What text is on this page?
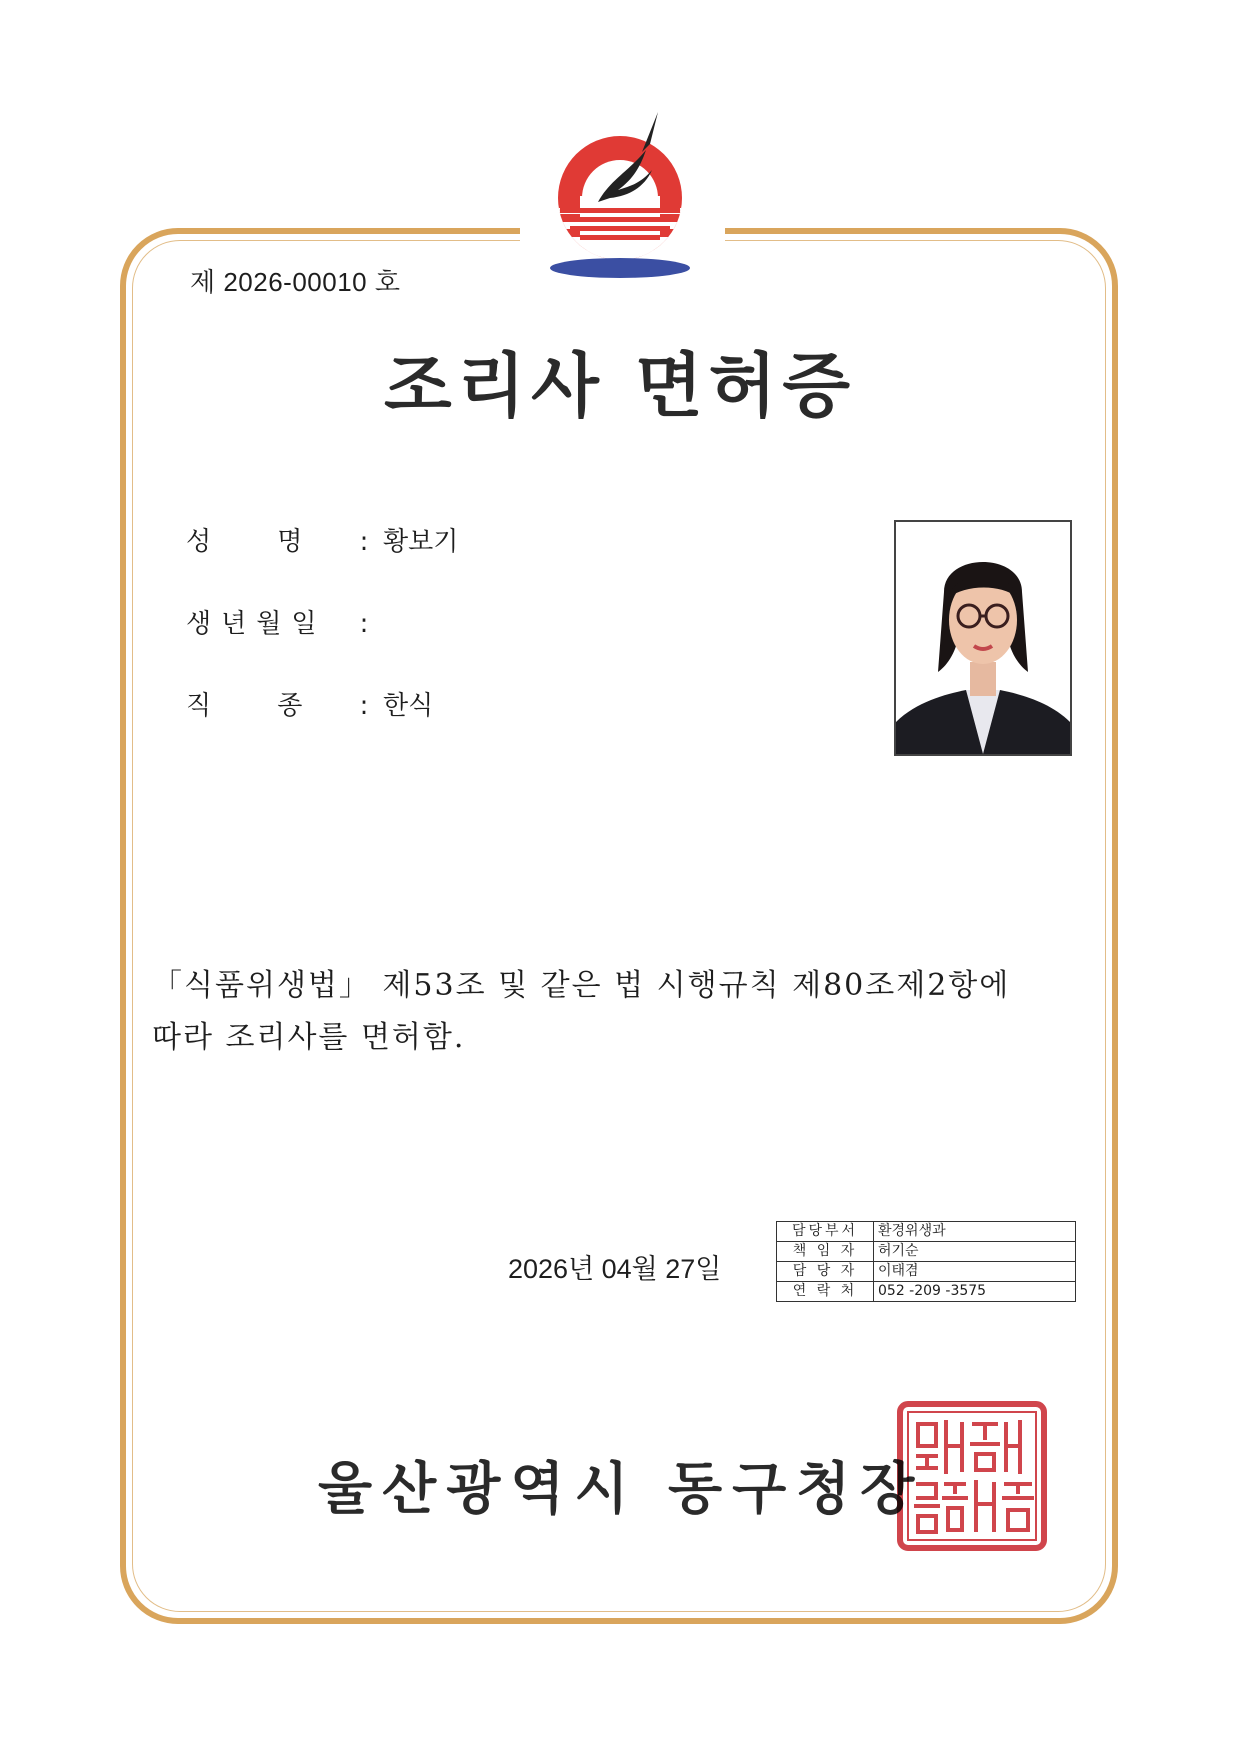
제 2026-00010 호
조리사 면허증
성        명 : 황보기
생년월일 :
직        종 : 한식

「식품위생법」 제53조 및 같은 법 시행규칙 제80조제2항에

따라 조리사를 면허함.

2026년 04월 27일
담당부서	환경위생과
책 임 자	허기순
담 당 자	이태겸
연 락 처	052 -209 -3575
울산광역시 동구청장
